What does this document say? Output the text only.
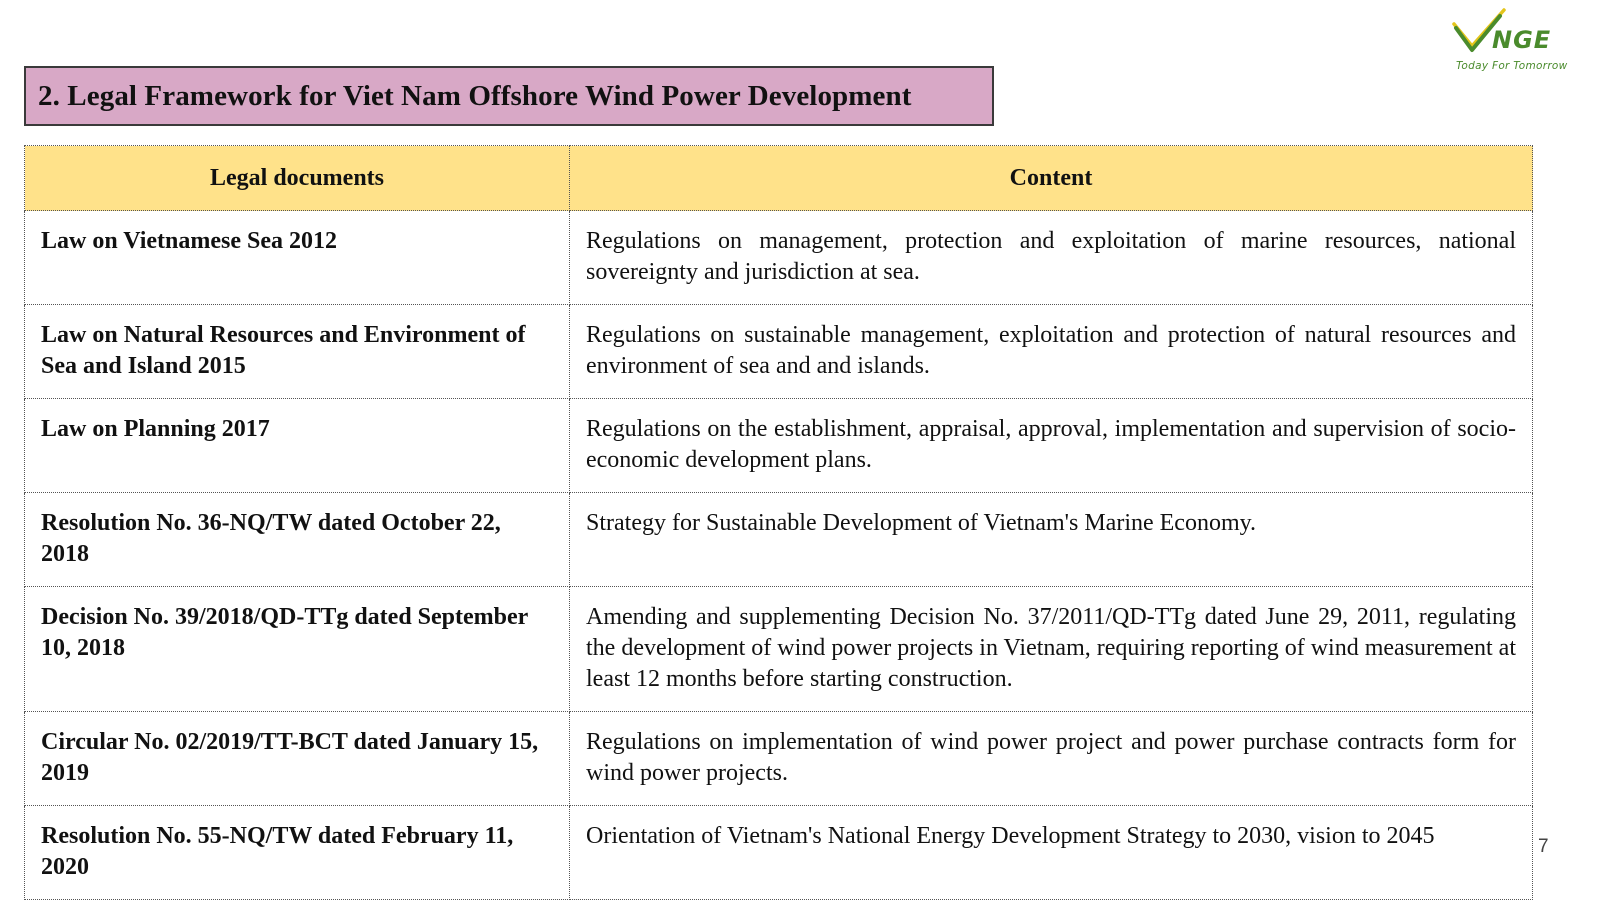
NGE
Today For Tomorrow
2. Legal Framework for Viet Nam Offshore Wind Power Development
Legal documents	Content
Law on Vietnamese Sea 2012	Regulations on management, protection and exploitation of marine resources, national sovereignty and jurisdiction at sea.
Law on Natural Resources and Environment of Sea and Island 2015	Regulations on sustainable management, exploitation and protection of natural resources and environment of sea and and islands.
Law on Planning 2017	Regulations on the establishment, appraisal, approval, implementation and supervision of socio-economic development plans.
Resolution No. 36-NQ/TW dated October 22, 2018	Strategy for Sustainable Development of Vietnam's Marine Economy.
Decision No. 39/2018/QD-TTg dated September 10, 2018	Amending and supplementing Decision No. 37/2011/QD-TTg dated June 29, 2011, regulating the development of wind power projects in Vietnam, requiring reporting of wind measurement at least 12 months before starting construction.
Circular No. 02/2019/TT-BCT dated January 15, 2019	Regulations on implementation of wind power project and power purchase contracts form for wind power projects.
Resolution No. 55-NQ/TW dated February 11, 2020	Orientation of Vietnam's National Energy Development Strategy to 2030, vision to 2045	7
